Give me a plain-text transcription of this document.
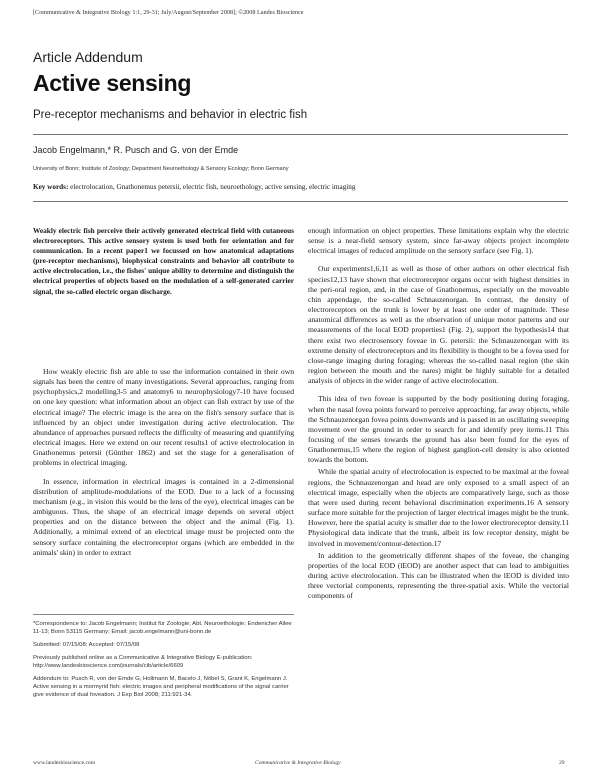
[Communicative & Integrative Biology 1:1, 29-31; July/August/September 2008]; ©2008 Landes Bioscience
Article Addendum
Active sensing
Pre-receptor mechanisms and behavior in electric fish
Jacob Engelmann,* R. Pusch and G. von der Emde
University of Bonn; Institute of Zoology; Department Neuroethology & Sensory Ecology; Bonn Germany
Key words: electrolocation, Gnathonemus petersii, electric fish, neuroethology, active sensing, electric imaging

Weakly electric fish perceive their actively generated electrical field with cutaneous electroreceptors. This active sensory system is used both for orientation and for communication. In a recent paper1 we focussed on how anatomical adaptations (pre-receptor mechanisms), biophysical constraints and behavior all contribute to active electrolocation, i.e., the fishes' unique ability to determine and distinguish the electrical properties of objects based on the modulation of a self-generated carrier signal, the so-called electric organ discharge.

How weakly electric fish are able to use the information contained in their own signals has been the centre of many investigations. Several approaches, ranging from psychophysics,2 modelling3-5 and anatomy6 to neurophysiology7-10 have focused on one key question: what information about an object can fish extract by use of the electrical image? The electric image is the area on the fish's sensory surface that is influenced by an object under investigation during active electrolocation. The abundance of approaches pursued reflects the difficulty of measuring and quantifying electrical images. Here we extend on our recent results1 of active electrolocation in Gnathonemus petersii (Günther 1862) and set the stage for a generalisation of problems in electrical imaging.

In essence, information in electrical images is contained in a 2-dimensional distribution of amplitude-modulations of the EOD. Due to a lack of a focussing mechanism (e.g., in vision this would be the lens of the eye), electrical images can be ambiguous. Thus, the shape of an electrical image depends on several object properties and on the distance between the object and the animal (Fig. 1). Additionally, a minimal extend of an electrical image must be projected onto the sensory surface containing the electroreceptor organs (which are embedded in the animals' skin) in order to extract

*Correspondence to: Jacob Engelmann; Institut für Zoologie; Abt. Neuroethologie; Endenicher Allee 11-13; Bonn 53115 Germany; Email: jacob.engelmann@uni-bonn.de
Submitted: 07/15/08; Accepted: 07/15/08
Previously published online as a Communicative & Integrative Biology E-publication: http://www.landesbioscience.com/journals/cib/article/6609
Addendum to: Pusch R, von der Emde G, Hollmann M, Bacelo J, Nöbel S, Grant K, Engelmann J. Active sensing in a mormyrid fish: electric images and peripheral modifications of the signal carrier give evidence of dual foveation. J Exp Biol 2008; 211:921-34.

enough information on object properties. These limitations explain why the electric sense is a near-field sensory system, since far-away objects project incomplete electrical images of reduced amplitude on the sensory surface (see Fig. 1).

Our experiments1,6,11 as well as those of other authors on other electrical fish species12,13 have shown that electroreceptor organs occur with highest densities in the peri-oral region, and, in the case of Gnathonemus, especially on the moveable chin appendage, the so-called Schnauzenorgan. In contrast, the density of electroreceptors on the trunk is lower by at least one order of magnitude. These anatomical differences as well as the observation of unique motor patterns and our measurements of the local EOD properties1 (Fig. 2), support the hypothesis14 that there exist two electrosensory foveae in G. petersii: the Schnauzenorgan with its extreme density of electroreceptors and its flexibility is thought to be a fovea used for close-range imaging during foraging; whereas the so-called nasal region (the skin region between the mouth and the nares) might be highly suitable for a detailed analysis of objects in the wider range of active electrolocation.

This idea of two foveae is supported by the body positioning during foraging, when the nasal fovea points forward to perceive approaching, far away objects, while the Schnauzenorgan fovea points downwards and is passed in an oscillating sweeping movement over the ground in order to search for and identify prey items.11 This focusing of the senses towards the ground has also been found for the eyes of Gnathonemus,15 where the region of highest ganglion-cell density is also oriented towards the bottom.

While the spatial acuity of electrolocation is expected to be maximal at the foveal regions, the Schnauzenorgan and head are only exposed to a small aspect of an electrical image, especially when the objects are comparatively large, such as those that were used during recent behavioral discrimination experiments.16 A sensory surface more suitable for the projection of larger electrical images might be the trunk. However, here the spatial acuity is smaller due to the lower electroreceptor density.11 Physiological data indicate that the trunk, albeit its low receptor density, might be involved in movement/contour-detection.17

In addition to the geometrically different shapes of the foveae, the changing properties of the local EOD (lEOD) are another aspect that can lead to ambiguities during active electrolocation. This can be illustrated when the lEOD is divided into three vectorial components, representing the three-spatial axis. While the vectorial components of

www.landesbioscience.com	Communicative & Integrative Biology	29
